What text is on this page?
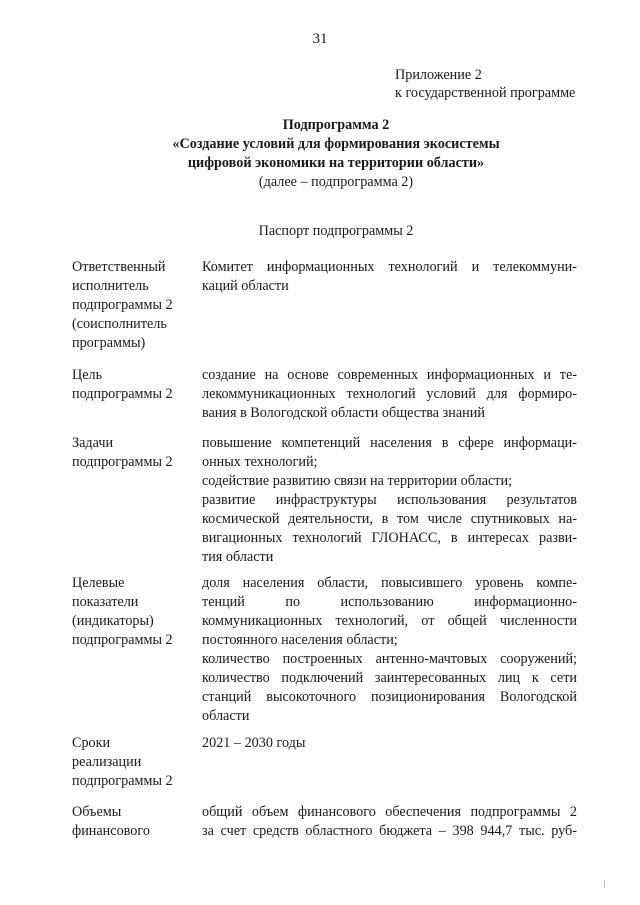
31
Приложение 2
к государственной программе
Подпрограмма 2
«Создание условий для формирования экосистемы
цифровой экономики на территории области»
(далее – подпрограмма 2)
Паспорт подпрограммы 2
Ответственный
исполнитель
подпрограммы 2
(соисполнитель
программы)
Комитет информационных технологий и телекоммуни-
каций области
Цель
подпрограммы 2
создание на основе современных информационных и те-
лекоммуникационных технологий условий для формиро-
вания в Вологодской области общества знаний
Задачи
подпрограммы 2
повышение компетенций населения в сфере информаци-
онных технологий;
содействие развитию связи на территории области;
развитие инфраструктуры использования результатов
космической деятельности, в том числе спутниковых на-
вигационных технологий ГЛОНАСС, в интересах разви-
тия области
Целевые
показатели
(индикаторы)
подпрограммы 2
доля населения области, повысившего уровень компе-
тенций по использованию информационно-
коммуникационных технологий, от общей численности
постоянного населения области;
количество построенных антенно-мачтовых сооружений;
количество подключений заинтересованных лиц к сети
станций высокоточного позиционирования Вологодской
области
Сроки
реализации
подпрограммы 2
2021 – 2030 годы
Объемы
финансового
общий объем финансового обеспечения подпрограммы 2
за счет средств областного бюджета – 398 944,7 тыс. руб-
